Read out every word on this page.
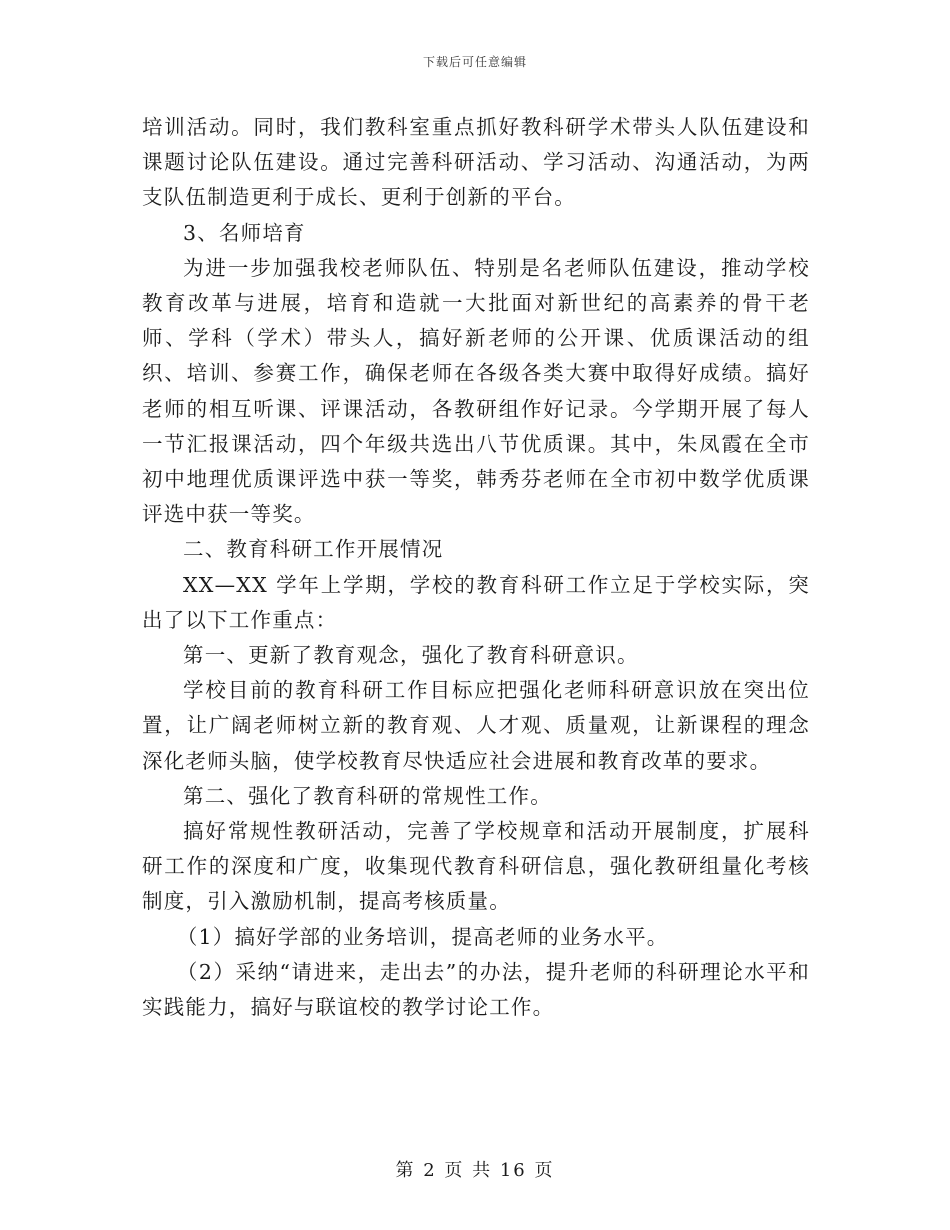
下载后可任意编辑

培训活动。同时，我们教科室重点抓好教科研学术带头人队伍建设和课题讨论队伍建设。通过完善科研活动、学习活动、沟通活动，为两支队伍制造更利于成长、更利于创新的平台。

3、名师培育

为进一步加强我校老师队伍、特别是名老师队伍建设，推动学校教育改革与进展，培育和造就一大批面对新世纪的高素养的骨干老师、学科（学术）带头人，搞好新老师的公开课、优质课活动的组织、培训、参赛工作，确保老师在各级各类大赛中取得好成绩。搞好老师的相互听课、评课活动，各教研组作好记录。今学期开展了每人一节汇报课活动，四个年级共选出八节优质课。其中，朱凤霞在全市初中地理优质课评选中获一等奖，韩秀芬老师在全市初中数学优质课评选中获一等奖。

二、教育科研工作开展情况

XX—XX 学年上学期，学校的教育科研工作立足于学校实际，突出了以下工作重点：

第一、更新了教育观念，强化了教育科研意识。

学校目前的教育科研工作目标应把强化老师科研意识放在突出位置，让广阔老师树立新的教育观、人才观、质量观，让新课程的理念深化老师头脑，使学校教育尽快适应社会进展和教育改革的要求。

第二、强化了教育科研的常规性工作。

搞好常规性教研活动，完善了学校规章和活动开展制度，扩展科研工作的深度和广度，收集现代教育科研信息，强化教研组量化考核制度，引入激励机制，提高考核质量。

（1）搞好学部的业务培训，提高老师的业务水平。

（2）采纳“请进来，走出去”的办法，提升老师的科研理论水平和实践能力，搞好与联谊校的教学讨论工作。

第 2 页 共 16 页
